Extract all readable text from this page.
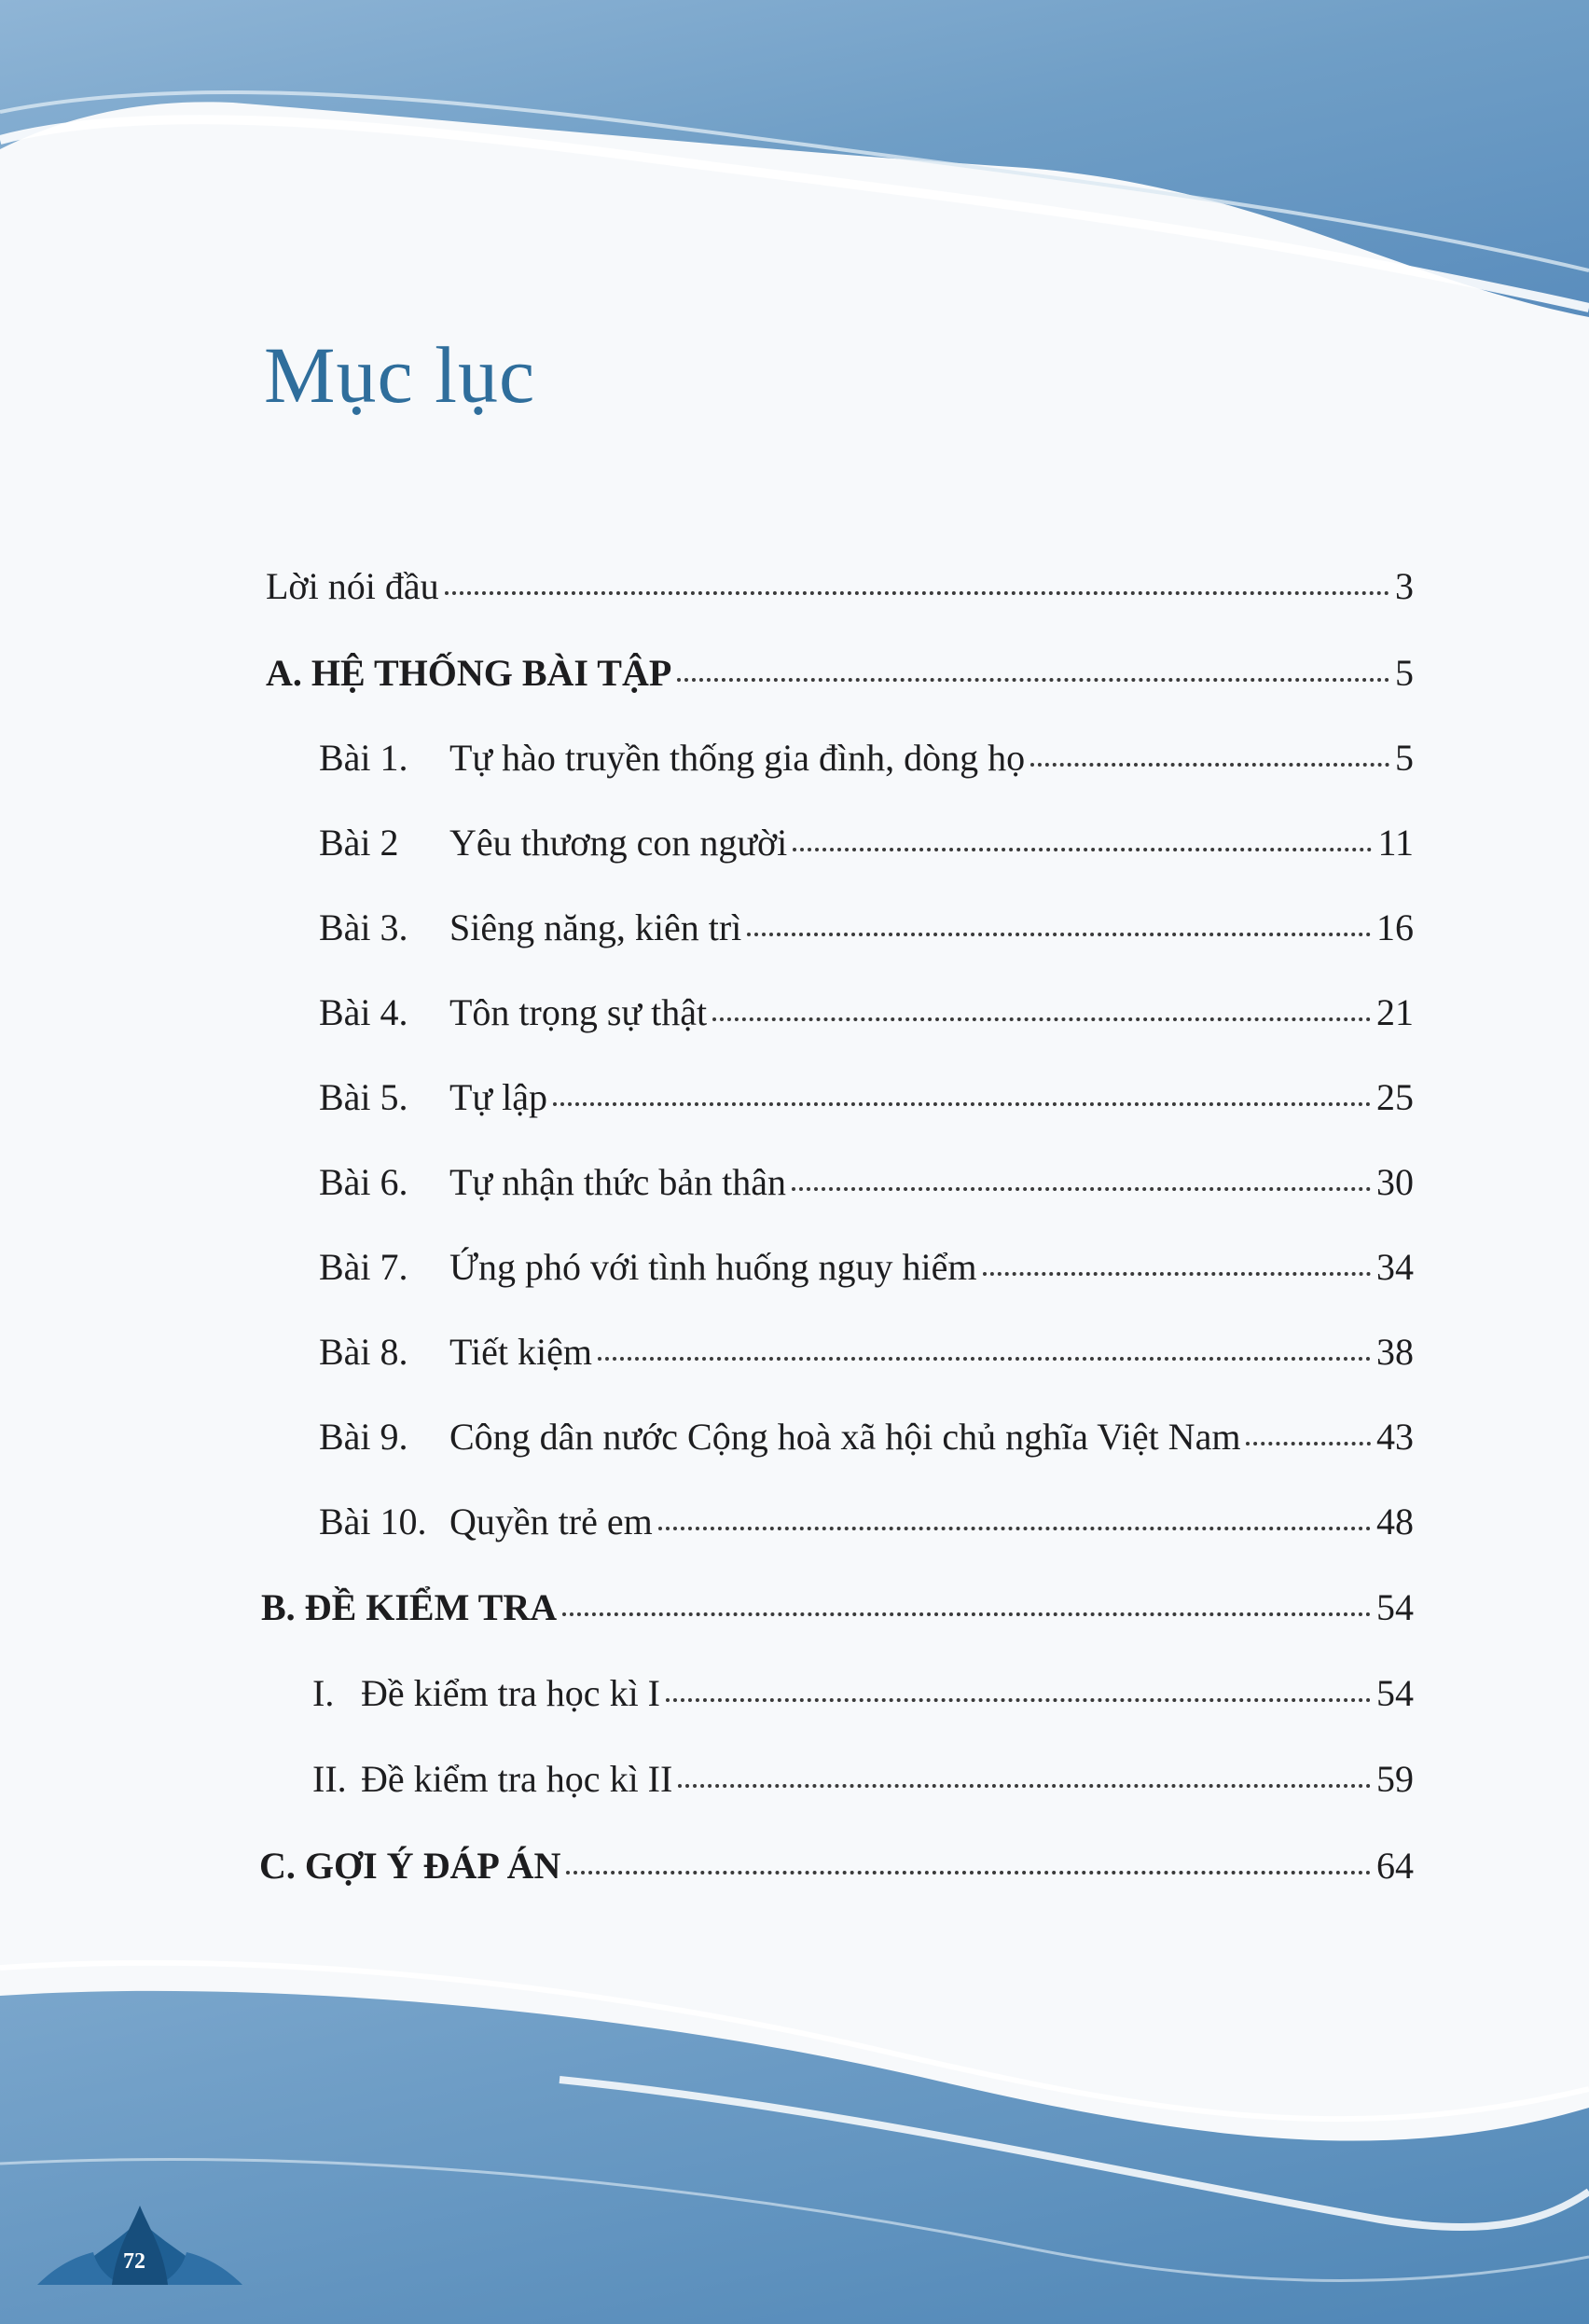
Mục lục
Lời nói đầu	3
A. HỆ THỐNG BÀI TẬP	5
Bài 1.	Tự hào truyền thống gia đình, dòng họ	5
Bài 2	Yêu thương con người	11
Bài 3.	Siêng năng, kiên trì	16
Bài 4.	Tôn trọng sự thật	21
Bài 5.	Tự lập	25
Bài 6.	Tự nhận thức bản thân	30
Bài 7.	Ứng phó với tình huống nguy hiểm	34
Bài 8.	Tiết kiệm	38
Bài 9.	Công dân nước Cộng hoà xã hội chủ nghĩa Việt Nam	43
Bài 10. Quyền trẻ em	48
B. ĐỀ KIỂM TRA	54
I. Đề kiểm tra học kì I	54
II. Đề kiểm tra học kì II	59
C. GỢI Ý ĐÁP ÁN	64
72
